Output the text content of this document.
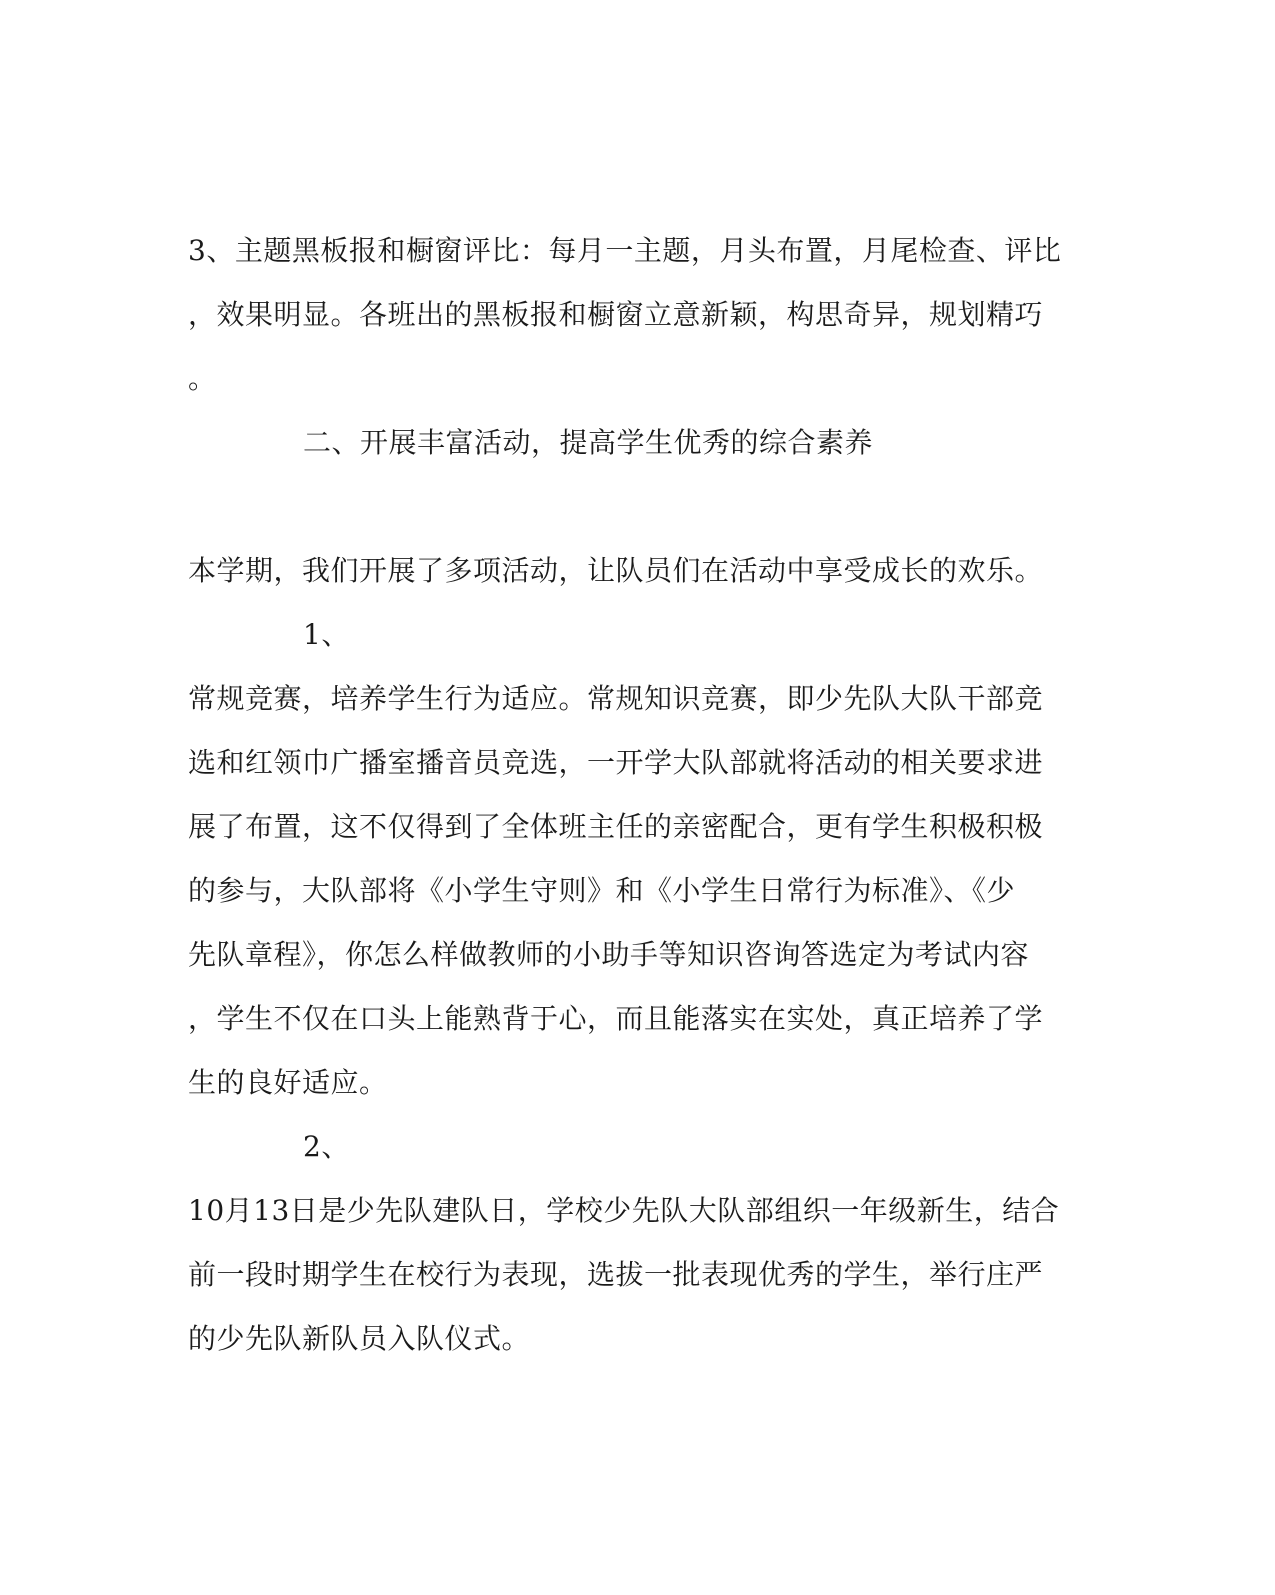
3、主题黑板报和橱窗评比：每月一主题，月头布置，月尾检查、评比
，效果明显。各班出的黑板报和橱窗立意新颖，构思奇异，规划精巧
。
二、开展丰富活动，提高学生优秀的综合素养
本学期，我们开展了多项活动，让队员们在活动中享受成长的欢乐。
1、
常规竞赛，培养学生行为适应。常规知识竞赛，即少先队大队干部竞
选和红领巾广播室播音员竞选，一开学大队部就将活动的相关要求进
展了布置，这不仅得到了全体班主任的亲密配合，更有学生积极积极
的参与，大队部将《小学生守则》和《小学生日常行为标准》、《少
先队章程》，你怎么样做教师的小助手等知识咨询答选定为考试内容
，学生不仅在口头上能熟背于心，而且能落实在实处，真正培养了学
生的良好适应。
2、
10月13日是少先队建队日，学校少先队大队部组织一年级新生，结合
前一段时期学生在校行为表现，选拔一批表现优秀的学生，举行庄严
的少先队新队员入队仪式。
